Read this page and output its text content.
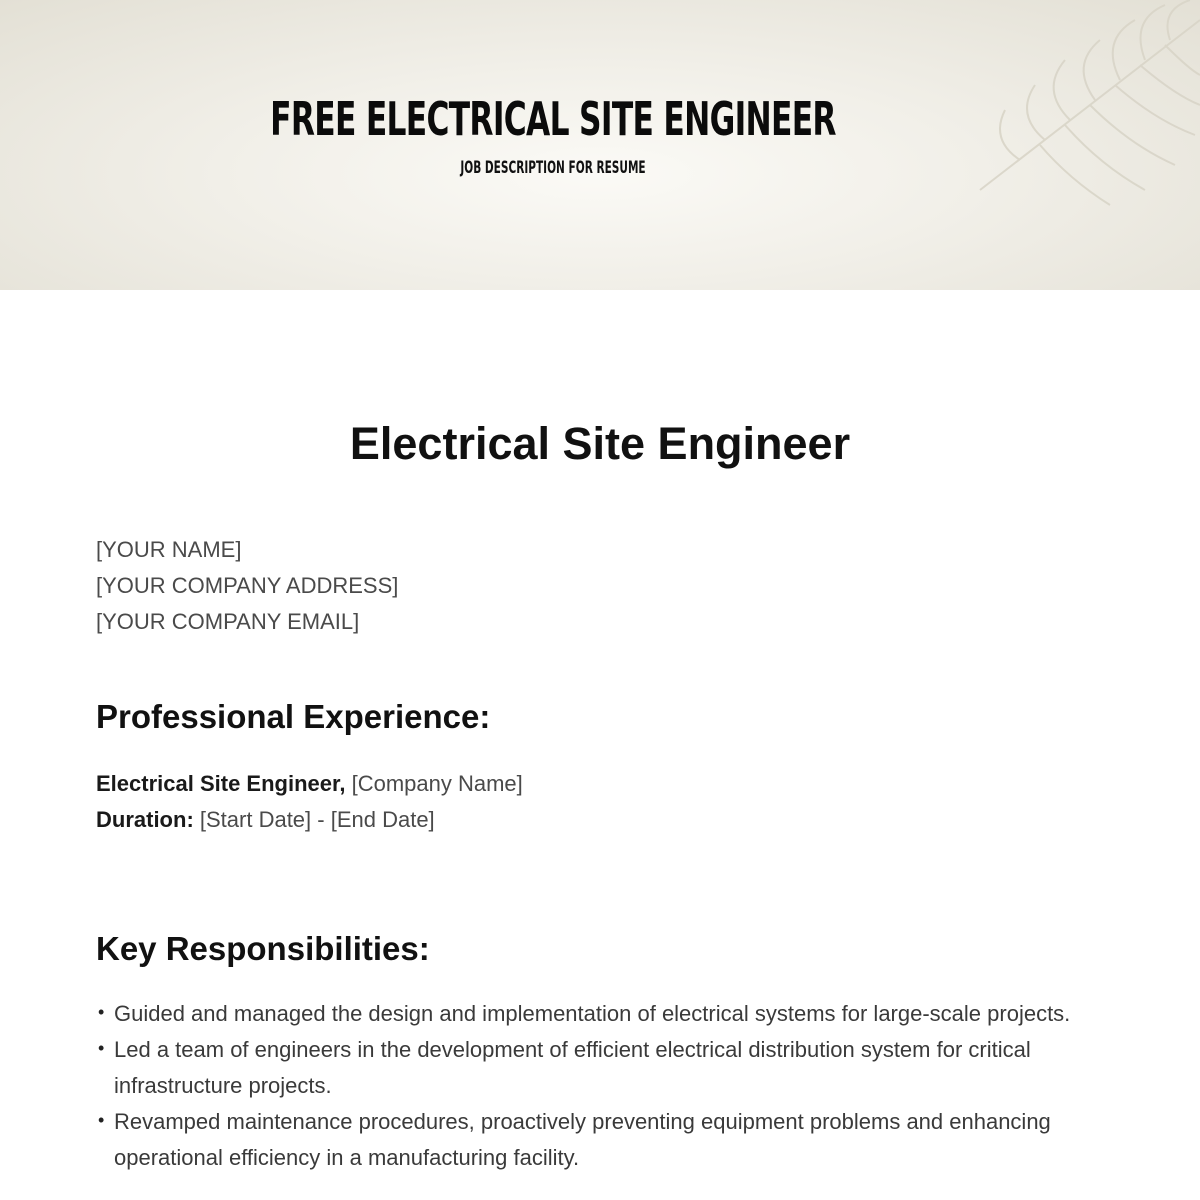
FREE ELECTRICAL SITE ENGINEER
JOB DESCRIPTION FOR RESUME
Electrical Site Engineer
[YOUR NAME]
[YOUR COMPANY ADDRESS]
[YOUR COMPANY EMAIL]
Professional Experience:
Electrical Site Engineer, [Company Name]
Duration: [Start Date] - [End Date]
Key Responsibilities:
• Guided and managed the design and implementation of electrical systems for large-scale projects.
• Led a team of engineers in the development of efficient electrical distribution system for critical infrastructure projects.
• Revamped maintenance procedures, proactively preventing equipment problems and enhancing operational efficiency in a manufacturing facility.
